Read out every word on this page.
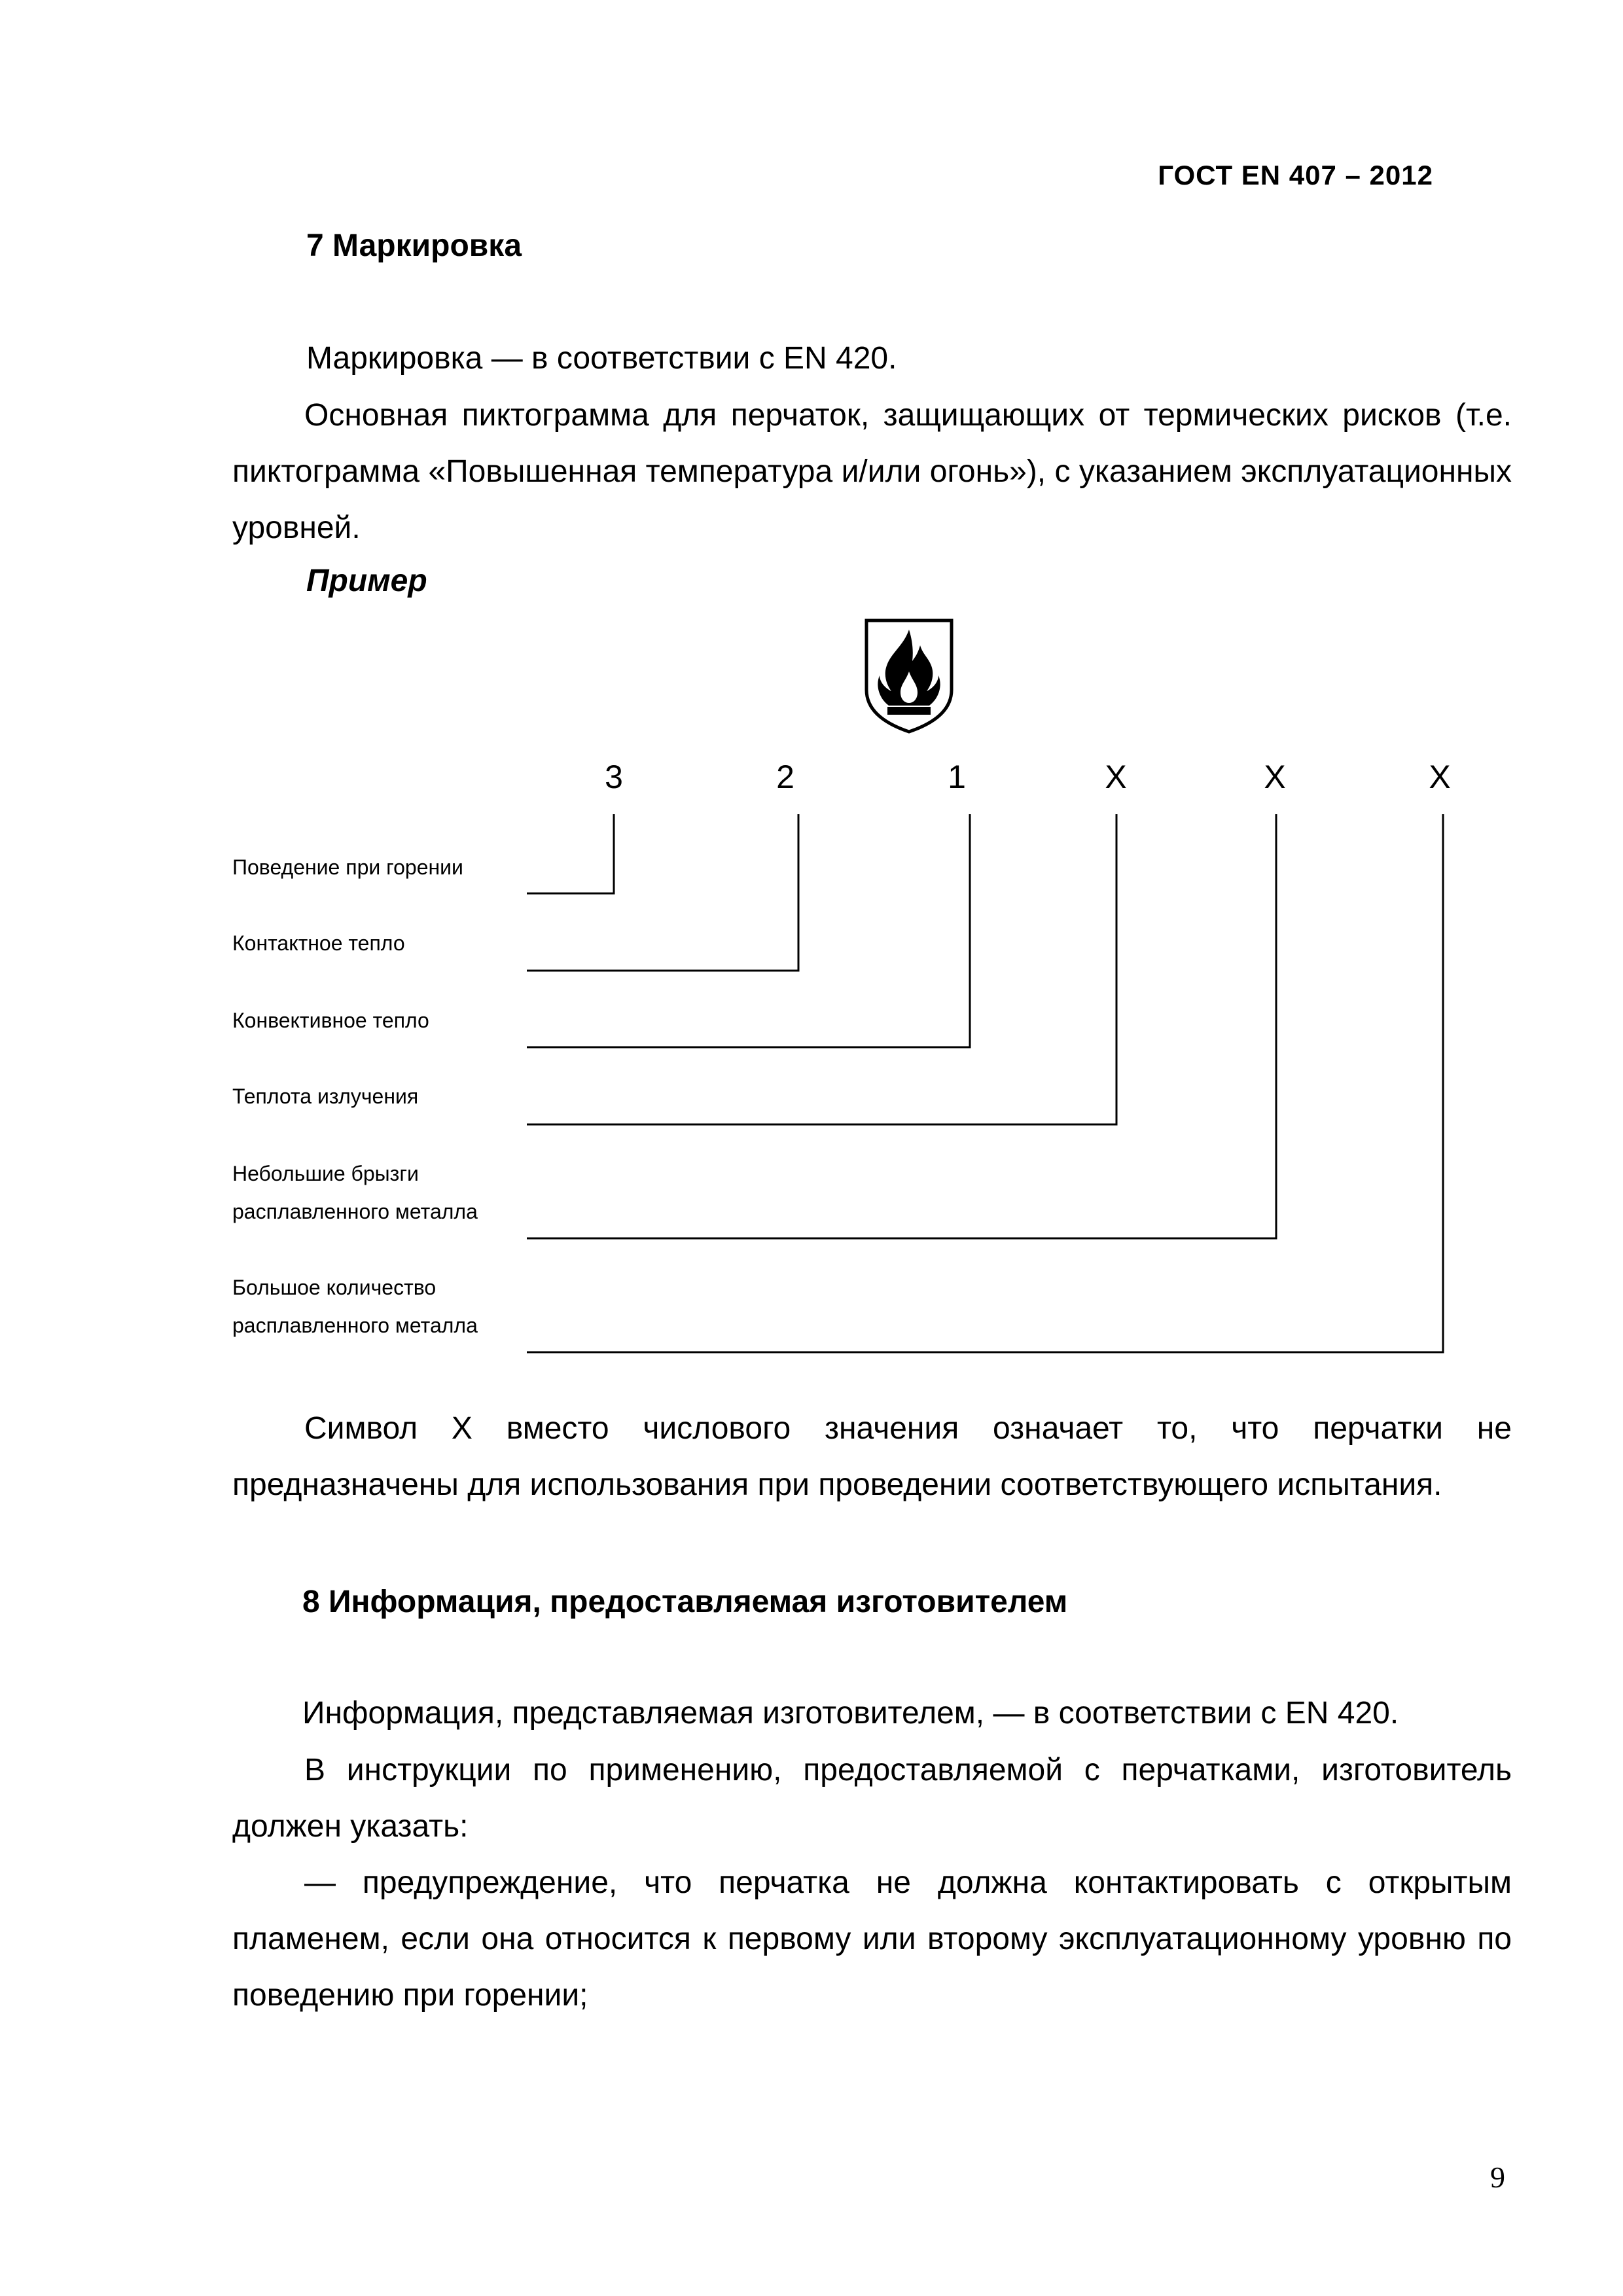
ГОСТ EN 407 – 2012
7 Маркировка
Маркировка — в соответствии с EN 420.
Основная пиктограмма для перчаток, защищающих от термических рисков (т.е. пиктограмма «Повышенная температура и/или огонь»), с указанием эксплуатационных уровней.
Пример
3	2	1	X	X	X
Поведение при горении
Контактное тепло
Конвективное тепло
Теплота излучения
Небольшие брызги
расплавленного металла
Большое количество
расплавленного металла
Символ X вместо числового значения означает то, что перчатки не предназначены для использования при проведении соответствующего испытания.
8 Информация, предоставляемая изготовителем
Информация, представляемая изготовителем, — в соответствии с EN 420.
В инструкции по применению, предоставляемой с перчатками, изготовитель должен указать:
— предупреждение, что перчатка не должна контактировать с открытым пламенем, если она относится к первому или второму эксплуатационному уровню по поведению при горении;
9
